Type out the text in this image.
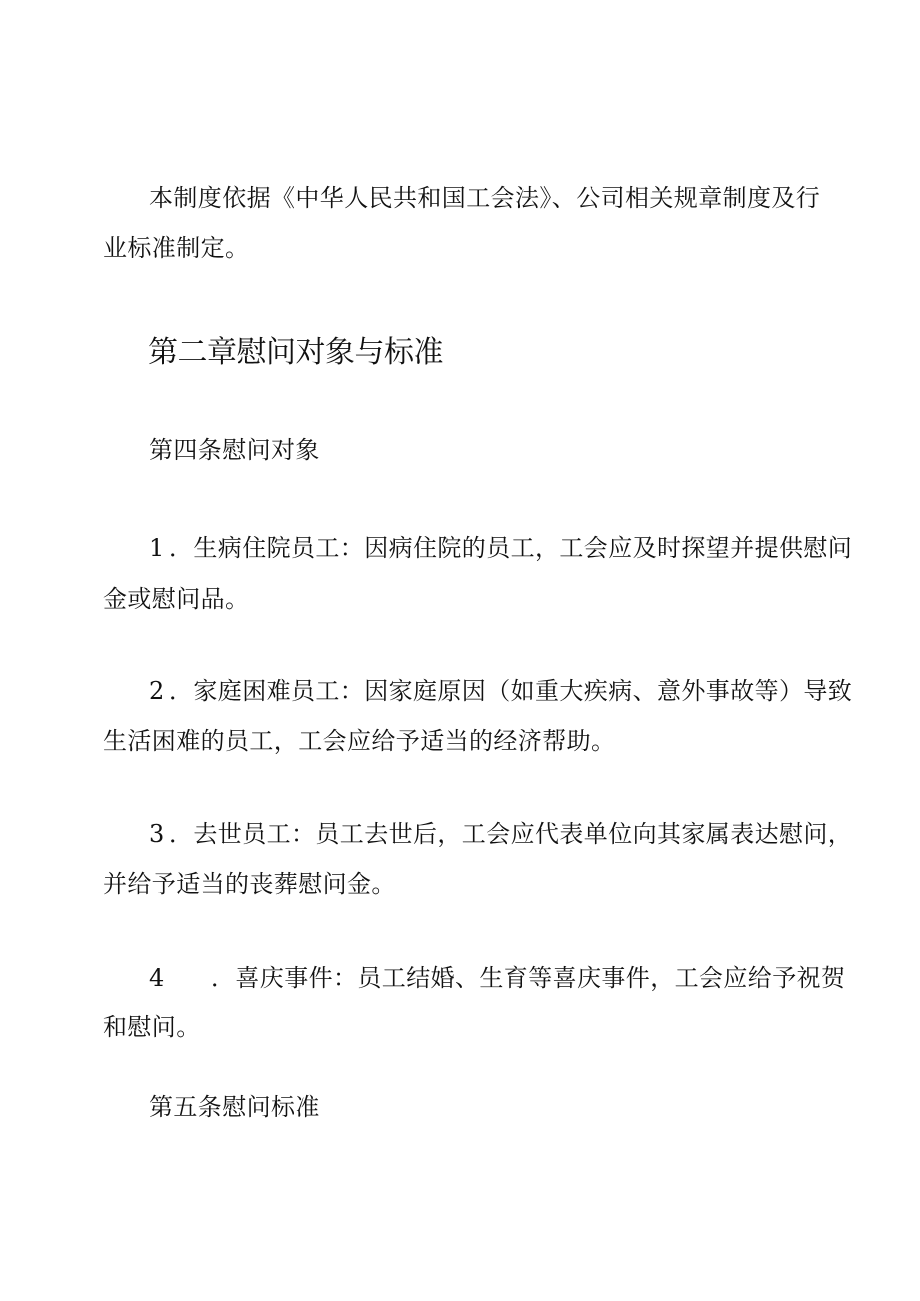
本制度依据《中华人民共和国工会法》、公司相关规章制度及行
业标准制定。
第二章慰问对象与标准
第四条慰问对象
1 ．生病住院员工：因病住院的员工，工会应及时探望并提供慰问
金或慰问品。
2 ．家庭困难员工：因家庭原因（如重大疾病、意外事故等）导致
生活困难的员工，工会应给予适当的经济帮助。
3 ．去世员工：员工去世后，工会应代表单位向其家属表达慰问，
并给予适当的丧葬慰问金。
4 ．喜庆事件：员工结婚、生育等喜庆事件，工会应给予祝贺
和慰问。
第五条慰问标准
